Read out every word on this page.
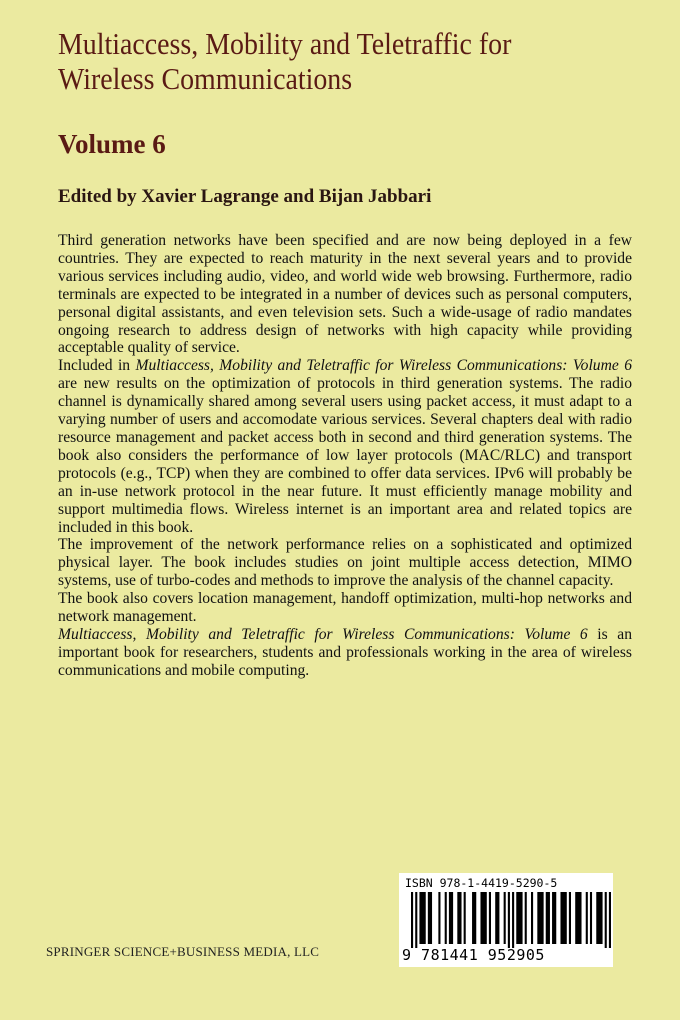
Multiaccess, Mobility and Teletraffic for
Wireless Communications
Volume 6
Edited by Xavier Lagrange and Bijan Jabbari

Third generation networks have been specified and are now being deployed in a few countries. They are expected to reach maturity in the next several years and to provide various services including audio, video, and world wide web browsing. Furthermore, radio terminals are expected to be integrated in a number of devices such as personal computers, personal digital assistants, and even television sets. Such a wide-usage of radio mandates ongoing research to address design of networks with high capacity while providing acceptable quality of service.

Included in Multiaccess, Mobility and Teletraffic for Wireless Communications: Volume 6 are new results on the optimization of protocols in third generation systems. The radio channel is dynamically shared among several users using packet access, it must adapt to a varying number of users and accomodate various services. Several chapters deal with radio resource management and packet access both in second and third generation systems. The book also considers the performance of low layer protocols (MAC/RLC) and transport protocols (e.g., TCP) when they are combined to offer data services. IPv6 will probably be an in-use network protocol in the near future. It must efficiently manage mobility and support multimedia flows. Wireless internet is an important area and related topics are included in this book.

The improvement of the network performance relies on a sophisticated and optimized physical layer. The book includes studies on joint multiple access detection, MIMO systems, use of turbo-codes and methods to improve the analysis of the channel capacity.

The book also covers location management, handoff optimization, multi-hop networks and network management.

Multiaccess, Mobility and Teletraffic for Wireless Communications: Volume 6 is an important book for researchers, students and professionals working in the area of wireless communications and mobile computing.

SPRINGER SCIENCE+BUSINESS MEDIA, LLC
ISBN 978-1-4419-5290-5
9 781441 952905
